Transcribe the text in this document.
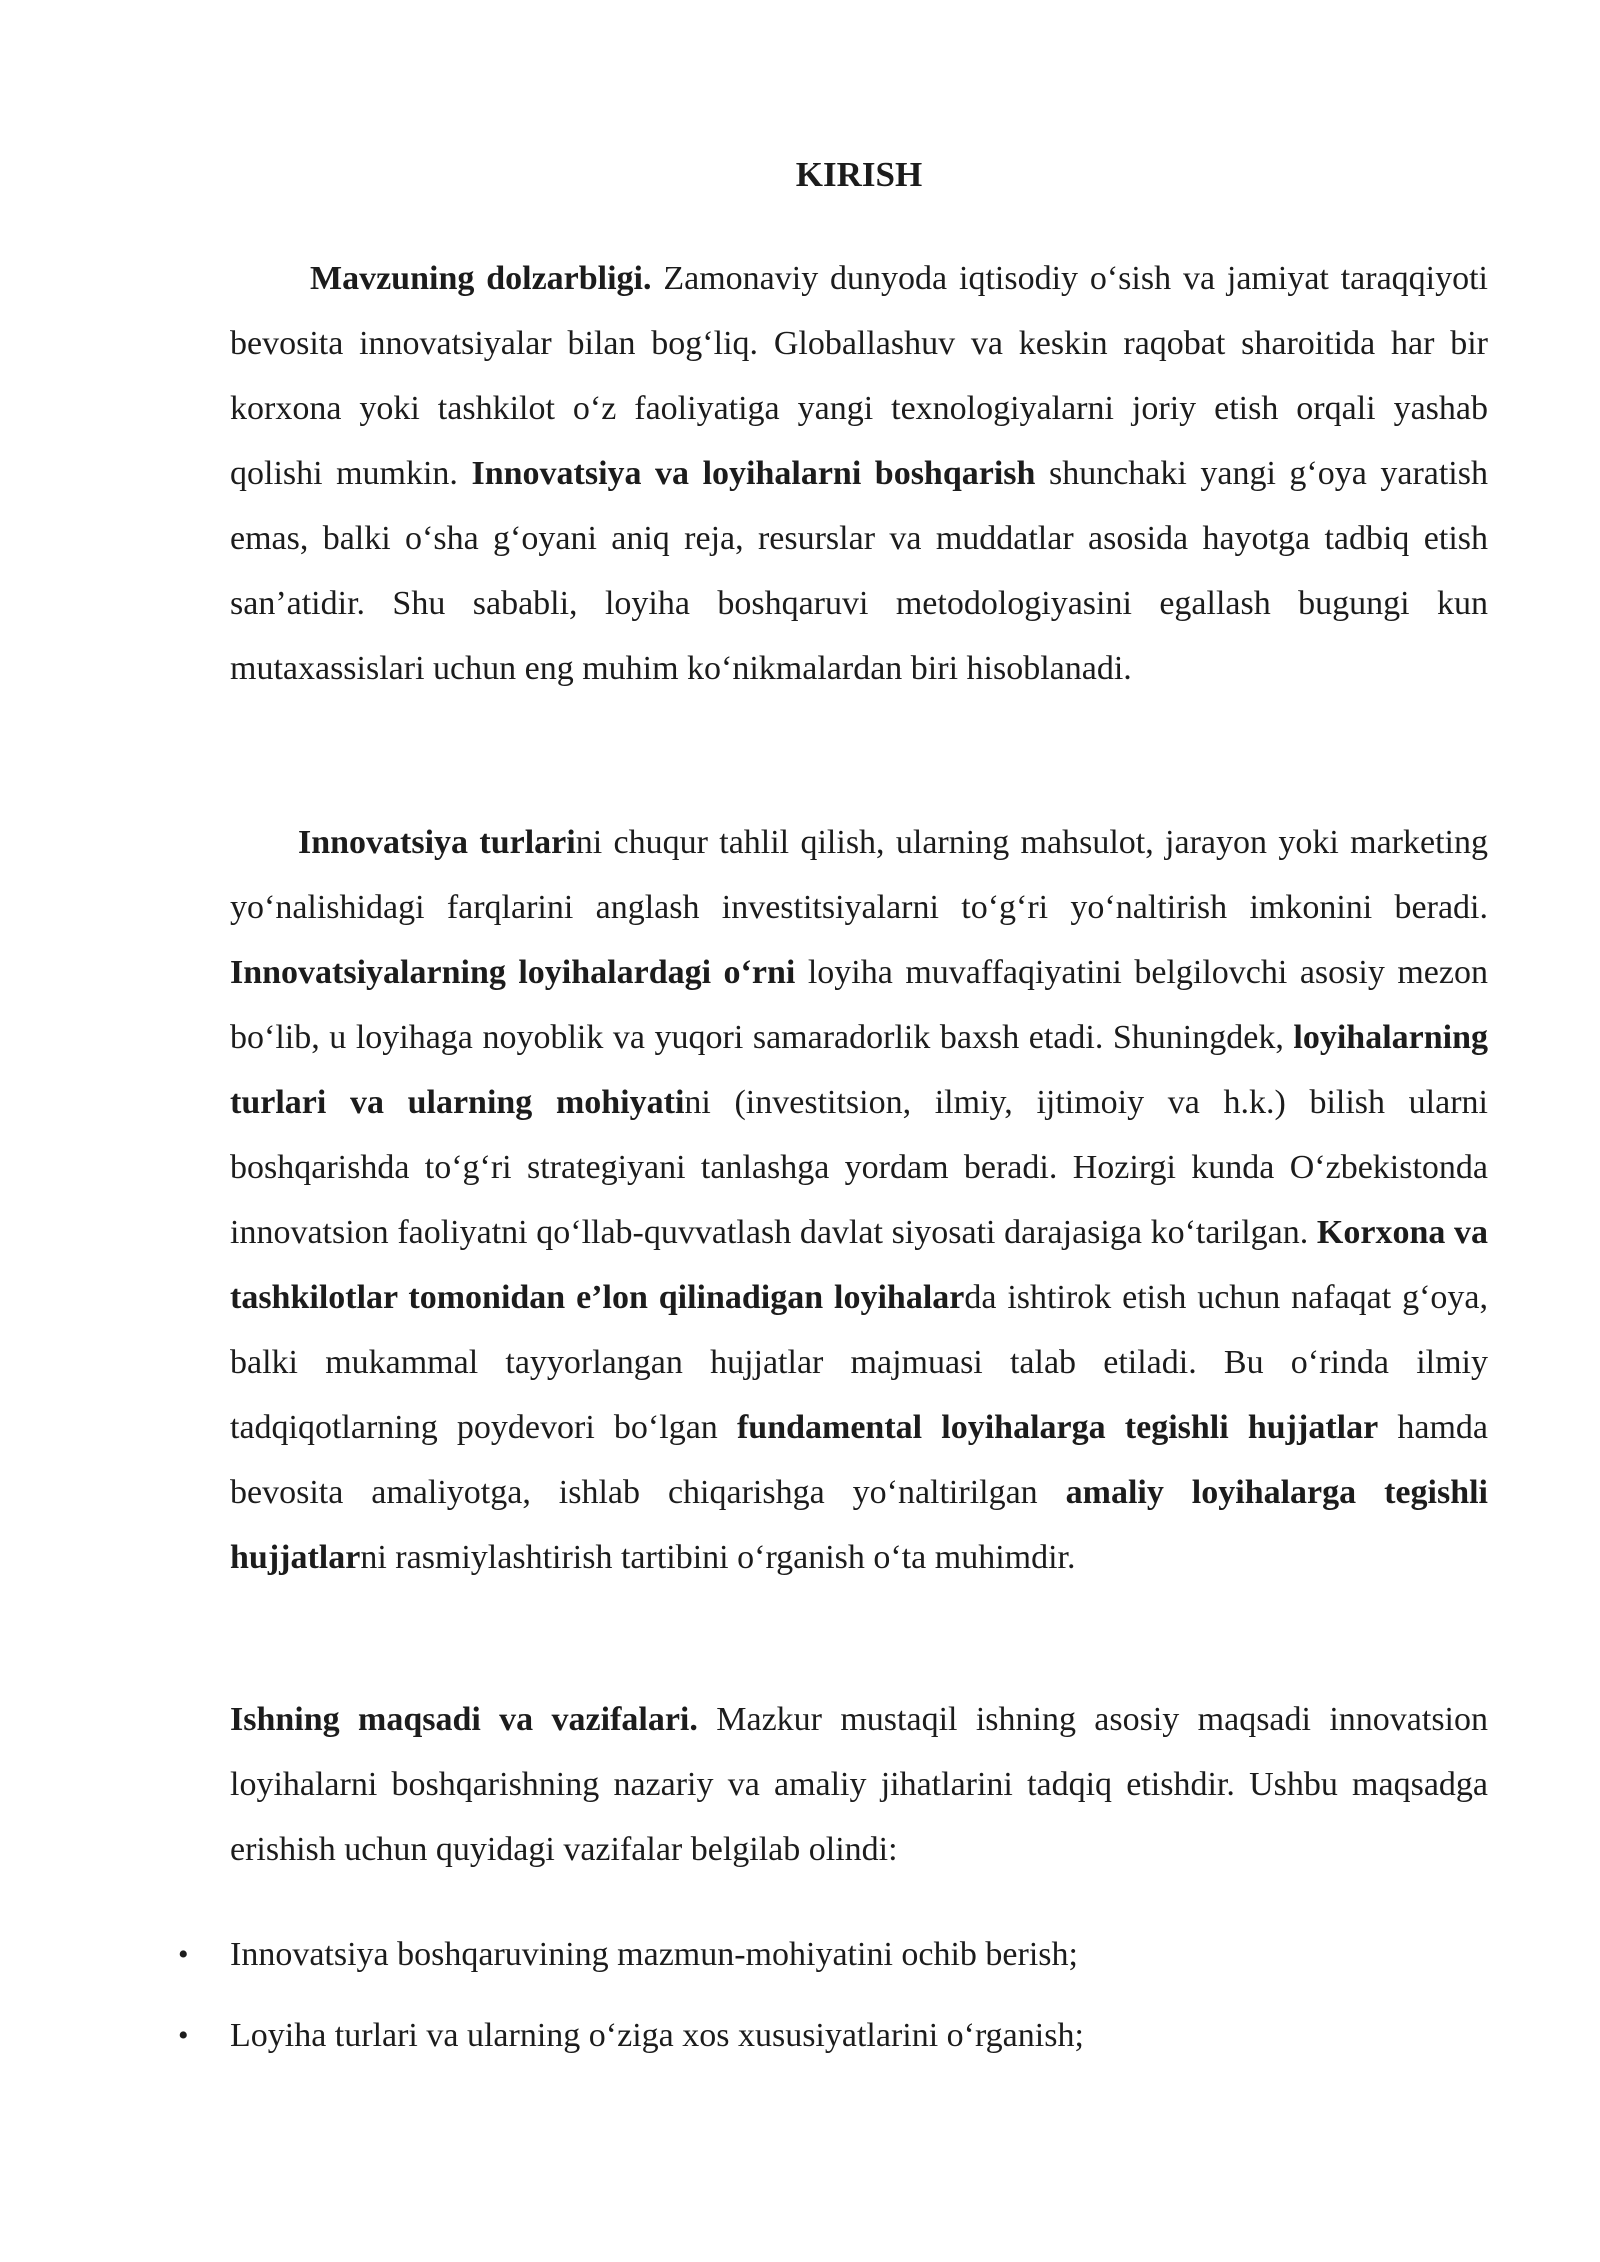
KIRISH

Mavzuning dolzarbligi. Zamonaviy dunyoda iqtisodiy o‘sish va jamiyat taraqqiyoti bevosita innovatsiyalar bilan bog‘liq. Globallashuv va keskin raqobat sharoitida har bir korxona yoki tashkilot o‘z faoliyatiga yangi texnologiyalarni joriy etish orqali yashab qolishi mumkin. Innovatsiya va loyihalarni boshqarish shunchaki yangi g‘oya yaratish emas, balki o‘sha g‘oyani aniq reja, resurslar va muddatlar asosida hayotga tadbiq etish san’atidir. Shu sababli, loyiha boshqaruvi metodologiyasini egallash bugungi kun mutaxassislari uchun eng muhim ko‘nikmalardan biri hisoblanadi.

Innovatsiya turlarini chuqur tahlil qilish, ularning mahsulot, jarayon yoki marketing yo‘nalishidagi farqlarini anglash investitsiyalarni to‘g‘ri yo‘naltirish imkonini beradi. Innovatsiyalarning loyihalardagi o‘rni loyiha muvaffaqiyatini belgilovchi asosiy mezon bo‘lib, u loyihaga noyoblik va yuqori samaradorlik baxsh etadi. Shuningdek, loyihalarning turlari va ularning mohiyatini (investitsion, ilmiy, ijtimoiy va h.k.) bilish ularni boshqarishda to‘g‘ri strategiyani tanlashga yordam beradi. Hozirgi kunda O‘zbekistonda innovatsion faoliyatni qo‘llab-quvvatlash davlat siyosati darajasiga ko‘tarilgan. Korxona va tashkilotlar tomonidan e’lon qilinadigan loyihalarda ishtirok etish uchun nafaqat g‘oya, balki mukammal tayyorlangan hujjatlar majmuasi talab etiladi. Bu o‘rinda ilmiy tadqiqotlarning poydevori bo‘lgan fundamental loyihalarga tegishli hujjatlar hamda bevosita amaliyotga, ishlab chiqarishga yo‘naltirilgan amaliy loyihalarga tegishli hujjatlarni rasmiylashtirish tartibini o‘rganish o‘ta muhimdir.

Ishning maqsadi va vazifalari. Mazkur mustaqil ishning asosiy maqsadi innovatsion loyihalarni boshqarishning nazariy va amaliy jihatlarini tadqiq etishdir. Ushbu maqsadga erishish uchun quyidagi vazifalar belgilab olindi:

• Innovatsiya boshqaruvining mazmun-mohiyatini ochib berish;
• Loyiha turlari va ularning o‘ziga xos xususiyatlarini o‘rganish;
